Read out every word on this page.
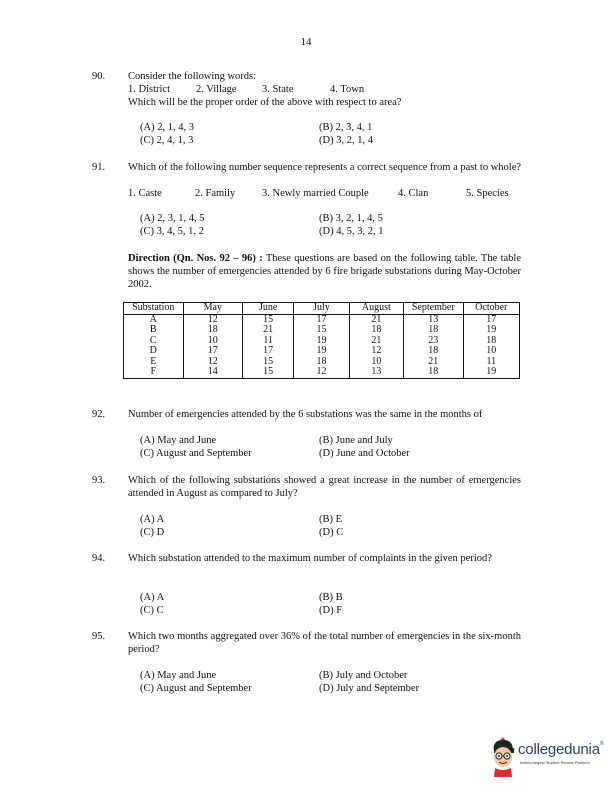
14
90. Consider the following words:
1. District 2. Village 3. State	4. Town
Which will be the proper order of the above with respect to area?
(A) 2, 1, 4, 3	(B) 2, 3, 4, 1
(C) 2, 4, 1, 3	(D) 3, 2, 1, 4
91. Which of the following number sequence represents a correct sequence from a past to whole?
1. Caste	2. Family	3. Newly married Couple	4. Clan	5. Species
(A) 2, 3, 1, 4, 5	(B) 3, 2, 1, 4, 5
(C) 3, 4, 5, 1, 2	(D) 4, 5, 3, 2, 1
Direction (Qn. Nos. 92 – 96) : These questions are based on the following table. The table shows the number of emergencies attended by 6 fire brigade substations during May-October 2002.
Substation	May	June	July	August	September	October
A	12	15	17	21	13	17
B	18	21	15	18	18	19
C	10	11	19	21	23	18
D	17	17	19	12	18	10
E	12	15	18	10	21	11
F	14	15	12	13	18	19
92. Number of emergencies attended by the 6 substations was the same in the months of
(A) May and June	(B) June and July
(C) August and September	(D) June and October
93. Which of the following substations showed a great increase in the number of emergencies attended in August as compared to July?
(A) A	(B) E
(C) D	(D) C
94. Which substation attended to the maximum number of complaints in the given period?
(A) A	(B) B
(C) C	(D) F
95. Which two months aggregated over 36% of the total number of emergencies in the six-month period?
(A) May and June	(B) July and October
(C) August and September	(D) July and September
collegedunia®
India's largest Student Review Platform
